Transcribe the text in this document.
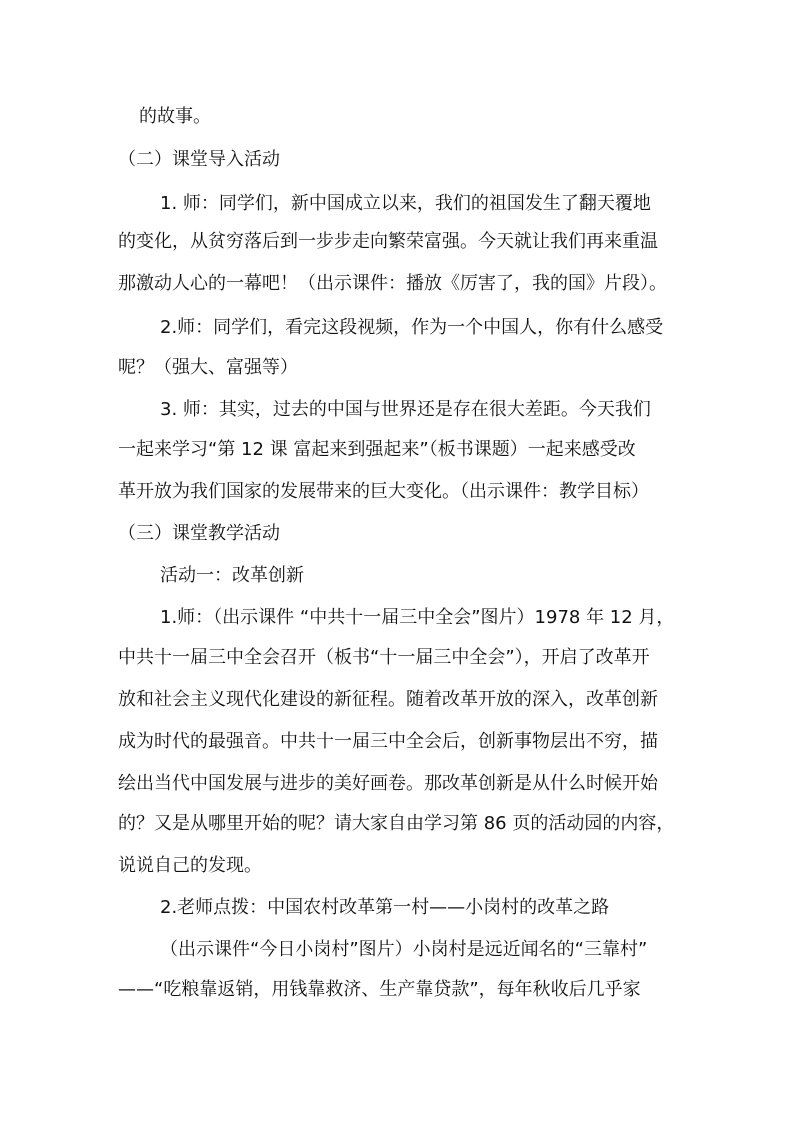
的故事。
（二）课堂导入活动
1. 师：同学们，新中国成立以来，我们的祖国发生了翻天覆地
的变化，从贫穷落后到一步步走向繁荣富强。今天就让我们再来重温
那激动人心的一幕吧！（出示课件：播放《厉害了，我的国》片段）。
2.师：同学们，看完这段视频，作为一个中国人，你有什么感受
呢？（强大、富强等）
3. 师：其实，过去的中国与世界还是存在很大差距。今天我们
一起来学习“第 12 课 富起来到强起来”（板书课题）一起来感受改
革开放为我们国家的发展带来的巨大变化。（出示课件：教学目标）
（三）课堂教学活动
活动一：改革创新
1.师：（出示课件 “中共十一届三中全会”图片）1978 年 12 月，
中共十一届三中全会召开（板书“十一届三中全会”），开启了改革开
放和社会主义现代化建设的新征程。随着改革开放的深入，改革创新
成为时代的最强音。中共十一届三中全会后，创新事物层出不穷，描
绘出当代中国发展与进步的美好画卷。那改革创新是从什么时候开始
的？又是从哪里开始的呢？请大家自由学习第 86 页的活动园的内容，
说说自己的发现。
2.老师点拨：中国农村改革第一村——小岗村的改革之路
（出示课件“今日小岗村”图片）小岗村是远近闻名的“三靠村”
——“吃粮靠返销，用钱靠救济、生产靠贷款”，每年秋收后几乎家
